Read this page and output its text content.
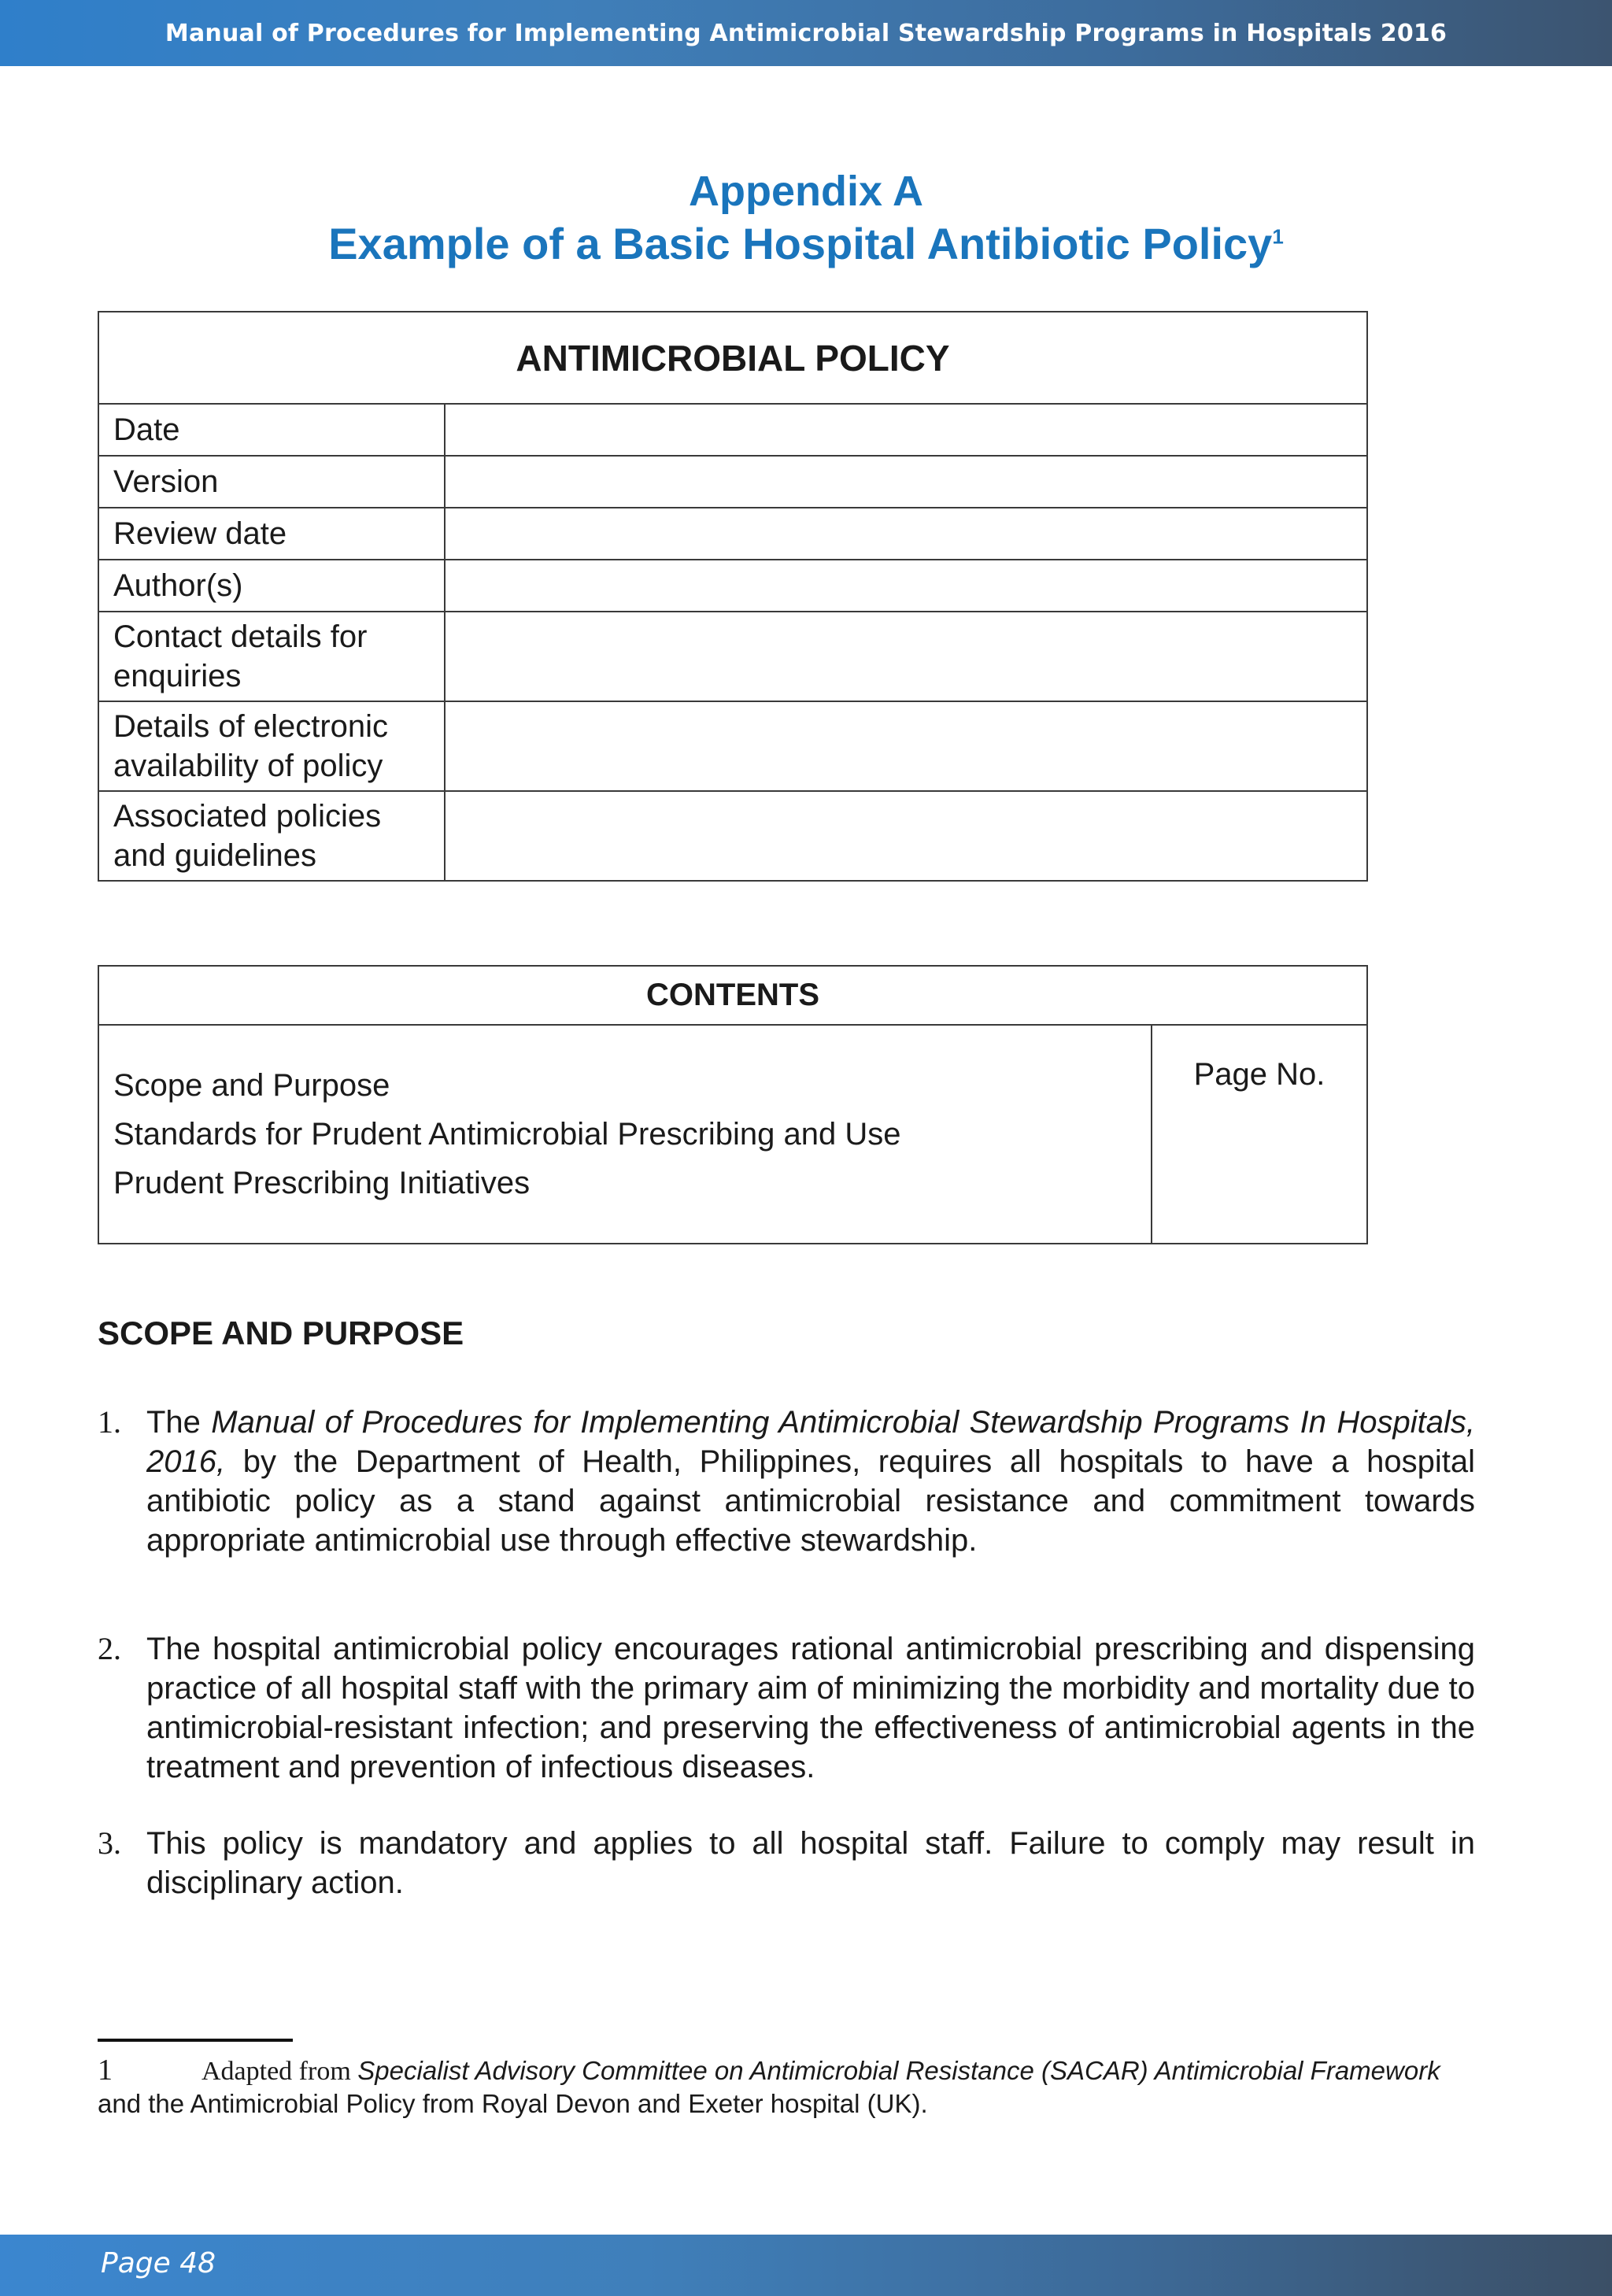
Manual of Procedures for Implementing Antimicrobial Stewardship Programs in Hospitals 2016
Appendix A
Example of a Basic Hospital Antibiotic Policy$^1$
ANTIMICROBIAL POLICY	
Date	
Version	
Review date	
Author(s)	
Contact details for enquiries	
Details of electronic availability of policy	
Associated policies and guidelines	
CONTENTS

Scope and Purpose
Standards for Prudent Antimicrobial Prescribing and Use
Prudent Prescribing Initiatives
	Page No.
SCOPE AND PURPOSE
1. The Manual of Procedures for Implementing Antimicrobial Stewardship Programs In Hospitals, 2016, by the Department of Health, Philippines, requires all hospitals to have a hospital antibiotic policy as a stand against antimicrobial resistance and commitment towards appropriate antimicrobial use through effective stewardship.
2. The hospital antimicrobial policy encourages rational antimicrobial prescribing and dispensing practice of all hospital staff with the primary aim of minimizing the morbidity and mortality due to antimicrobial-resistant infection; and preserving the effectiveness of antimicrobial agents in the treatment and prevention of infectious diseases.
3. This policy is mandatory and applies to all hospital staff. Failure to comply may result in disciplinary action.
1	Adapted from Specialist Advisory Committee on Antimicrobial Resistance (SACAR) Antimicrobial Framework
and the Antimicrobial Policy from Royal Devon and Exeter hospital (UK).
Page 48
